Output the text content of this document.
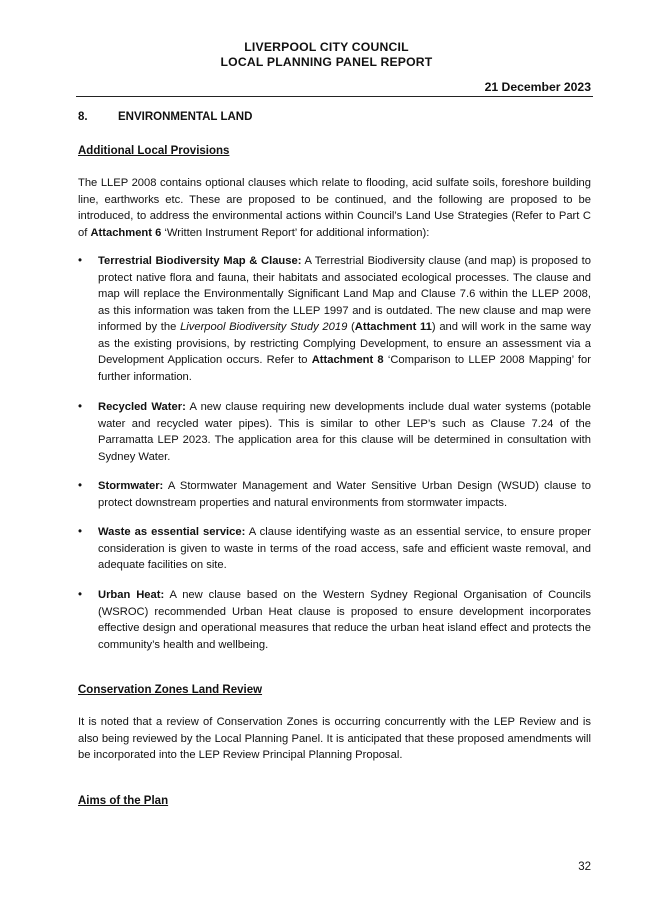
LIVERPOOL CITY COUNCIL
LOCAL PLANNING PANEL REPORT
21 December 2023
8.	ENVIRONMENTAL LAND
Additional Local Provisions
The LLEP 2008 contains optional clauses which relate to flooding, acid sulfate soils, foreshore building line, earthworks etc. These are proposed to be continued, and the following are proposed to be introduced, to address the environmental actions within Council’s Land Use Strategies (Refer to Part C of Attachment 6 ‘Written Instrument Report’ for additional information):
• Terrestrial Biodiversity Map & Clause: A Terrestrial Biodiversity clause (and map) is proposed to protect native flora and fauna, their habitats and associated ecological processes. The clause and map will replace the Environmentally Significant Land Map and Clause 7.6 within the LLEP 2008, as this information was taken from the LLEP 1997 and is outdated. The new clause and map were informed by the Liverpool Biodiversity Study 2019 (Attachment 11) and will work in the same way as the existing provisions, by restricting Complying Development, to ensure an assessment via a Development Application occurs. Refer to Attachment 8 ‘Comparison to LLEP 2008 Mapping’ for further information.
• Recycled Water: A new clause requiring new developments include dual water systems (potable water and recycled water pipes). This is similar to other LEP’s such as Clause 7.24 of the Parramatta LEP 2023. The application area for this clause will be determined in consultation with Sydney Water.
• Stormwater: A Stormwater Management and Water Sensitive Urban Design (WSUD) clause to protect downstream properties and natural environments from stormwater impacts.
• Waste as essential service: A clause identifying waste as an essential service, to ensure proper consideration is given to waste in terms of the road access, safe and efficient waste removal, and adequate facilities on site.
• Urban Heat: A new clause based on the Western Sydney Regional Organisation of Councils (WSROC) recommended Urban Heat clause is proposed to ensure development incorporates effective design and operational measures that reduce the urban heat island effect and protects the community’s health and wellbeing.
Conservation Zones Land Review
It is noted that a review of Conservation Zones is occurring concurrently with the LEP Review and is also being reviewed by the Local Planning Panel. It is anticipated that these proposed amendments will be incorporated into the LEP Review Principal Planning Proposal.
Aims of the Plan
32
